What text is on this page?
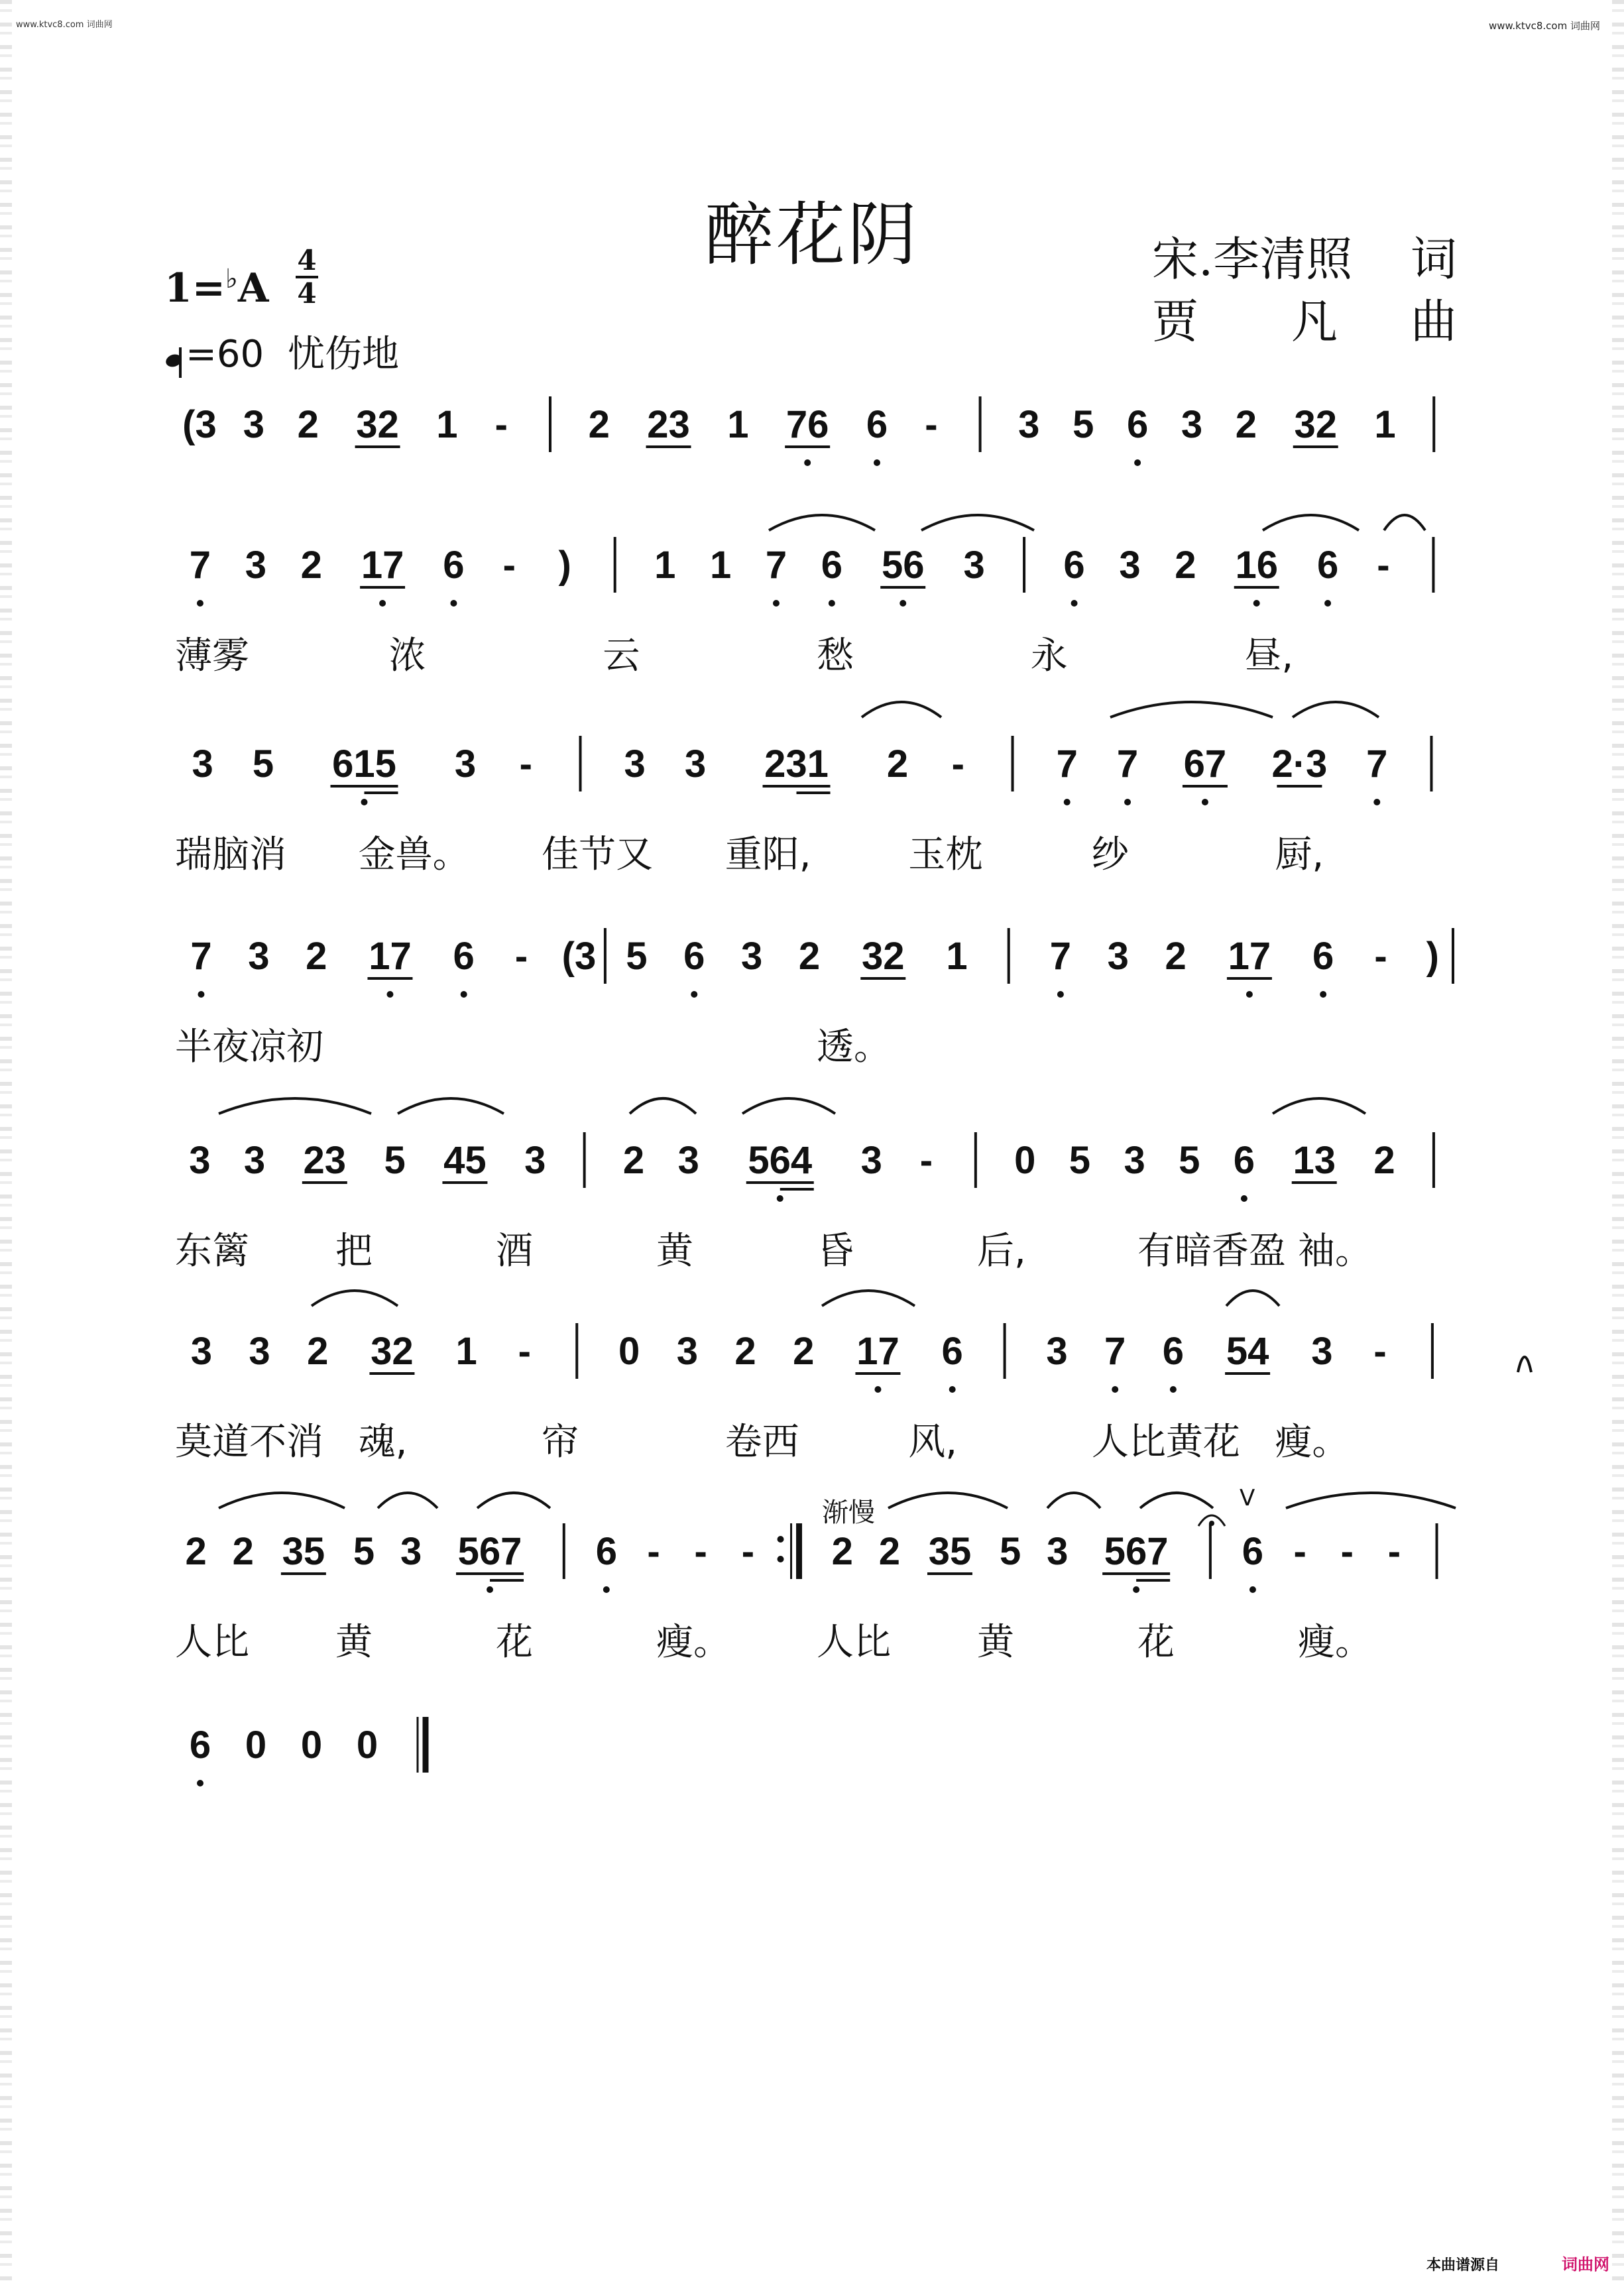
www.ktvc8.com 词曲网	www.ktvc8.com 词曲网
醉花阴	宋.李清照 词
贾　　凡 曲
1=♭A
4
4
=60 忧伤地
渐慢	V
(3 3 2 32 1 - 2 23 1 76 6 - 3 5 6 3 2 32 1
7 3 2 17 6 - ) 1 1 7 6 56 3 6 3 2 16 6 -
薄雾	浓	云	愁	永	昼,
3 5 615 3 - 3 3 231 2 - 7 7 67 2·3 7
瑞脑消 金兽。 佳节又 重阳,	玉枕	纱	厨,
7 3 2 17 6 - (3 5 6 3 2 32 1 7 3 2 17 6 - )
半夜凉初	透。
3 3 23 5 45 3 2 3 564 3 - 0 5 3 5 6 13 2
东篱 把	酒	黄	昏	后,	有暗香盈 袖。
3 3 2 32 1 - 0 3 2 2 17 6 3 7 6 54 3 -
莫道不消 魂,	帘	卷西	风,	人比黄花 瘦。
2 2 35 5 3 567 6 - - - 2 2 35 5 3 567 6 - - -
人比 黄	花	瘦。 人比 黄	花	瘦。
6 0 0 0
本曲谱源自	词曲网
